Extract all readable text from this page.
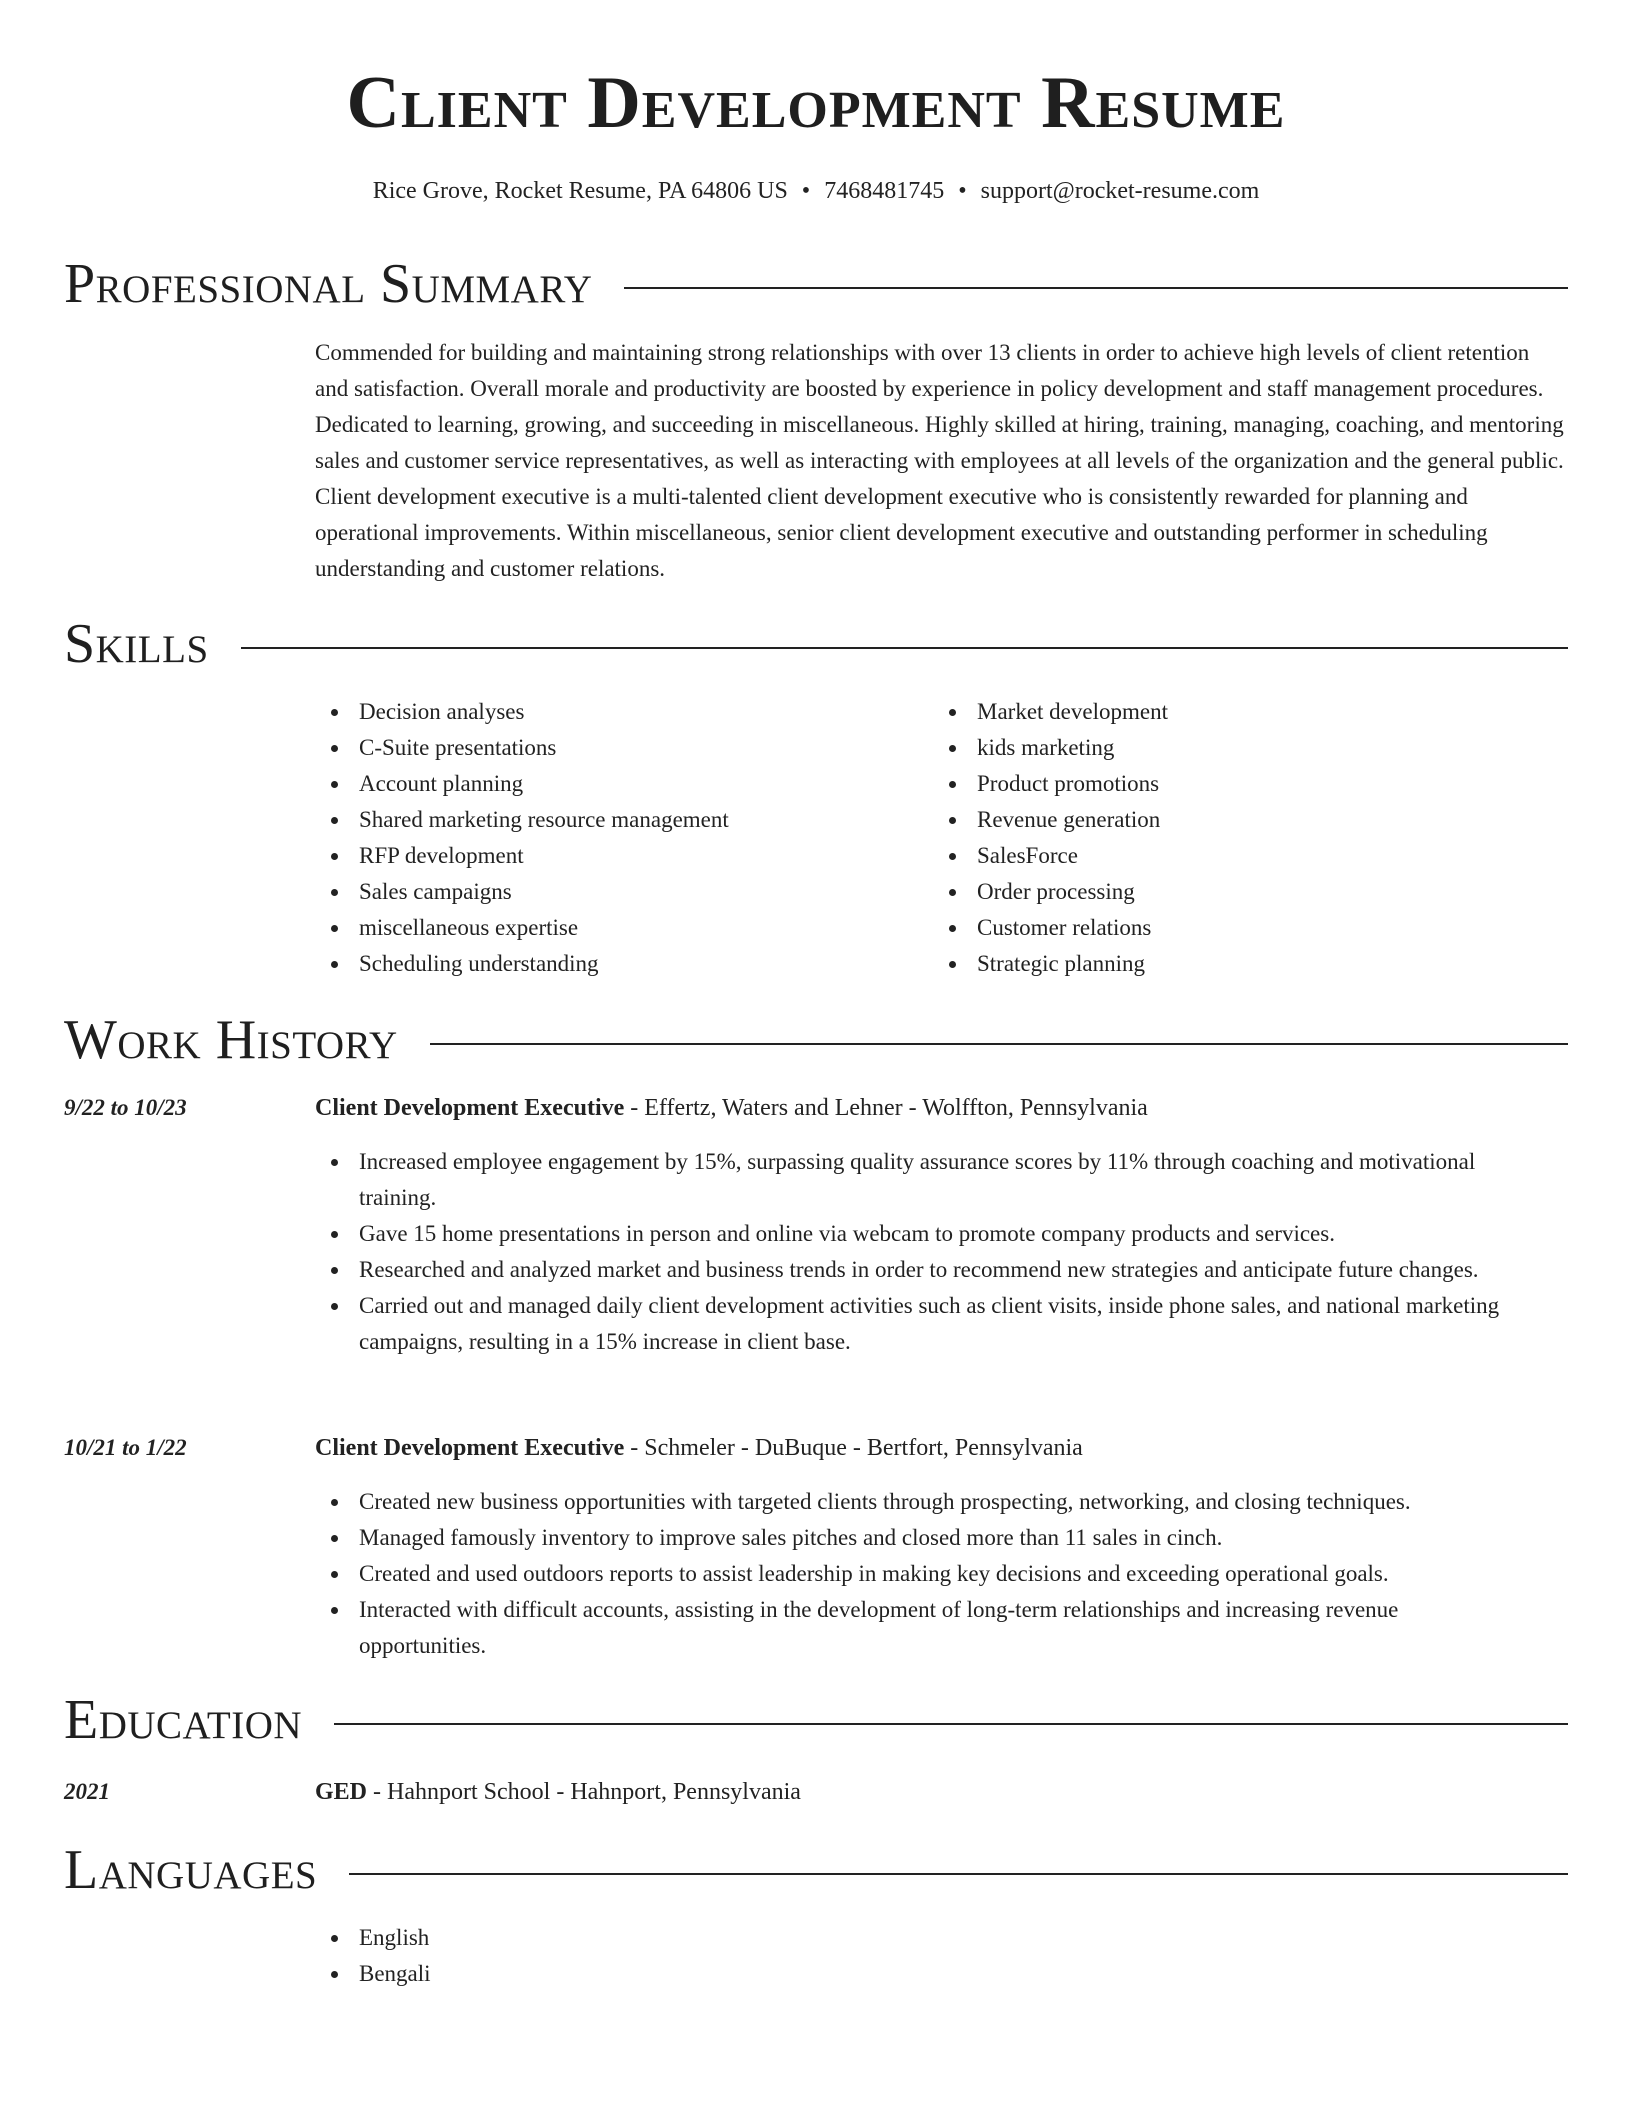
Client Development Resume
Rice Grove, Rocket Resume, PA 64806 US • 7468481745 • support@rocket-resume.com
Professional Summary
Commended for building and maintaining strong relationships with over 13 clients in order to achieve high levels of client retention and satisfaction. Overall morale and productivity are boosted by experience in policy development and staff management procedures. Dedicated to learning, growing, and succeeding in miscellaneous. Highly skilled at hiring, training, managing, coaching, and mentoring sales and customer service representatives, as well as interacting with employees at all levels of the organization and the general public. Client development executive is a multi-talented client development executive who is consistently rewarded for planning and operational improvements. Within miscellaneous, senior client development executive and outstanding performer in scheduling understanding and customer relations.
Skills
Decision analyses
C-Suite presentations
Account planning
Shared marketing resource management
RFP development
Sales campaigns
miscellaneous expertise
Scheduling understanding
Market development
kids marketing
Product promotions
Revenue generation
SalesForce
Order processing
Customer relations
Strategic planning
Work History
9/22 to 10/23	Client Development Executive - Effertz, Waters and Lehner - Wolffton, Pennsylvania
Increased employee engagement by 15%, surpassing quality assurance scores by 11% through coaching and motivational training.
Gave 15 home presentations in person and online via webcam to promote company products and services.
Researched and analyzed market and business trends in order to recommend new strategies and anticipate future changes.
Carried out and managed daily client development activities such as client visits, inside phone sales, and national marketing campaigns, resulting in a 15% increase in client base.
10/21 to 1/22	Client Development Executive - Schmeler - DuBuque - Bertfort, Pennsylvania
Created new business opportunities with targeted clients through prospecting, networking, and closing techniques.
Managed famously inventory to improve sales pitches and closed more than 11 sales in cinch.
Created and used outdoors reports to assist leadership in making key decisions and exceeding operational goals.
Interacted with difficult accounts, assisting in the development of long-term relationships and increasing revenue opportunities.
Education
2021	GED - Hahnport School - Hahnport, Pennsylvania
Languages
English
Bengali
